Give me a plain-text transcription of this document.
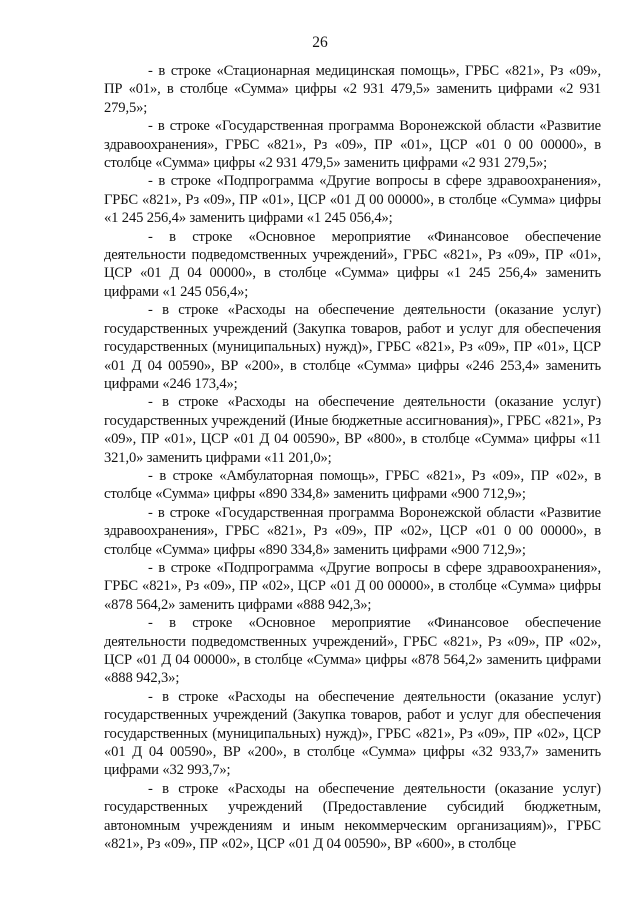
26

- в строке «Стационарная медицинская помощь», ГРБС «821», Рз «09», ПР «01», в столбце «Сумма» цифры «2 931 479,5» заменить цифрами «2 931 279,5»;

- в строке «Государственная программа Воронежской области «Развитие здравоохранения», ГРБС «821», Рз «09», ПР «01», ЦСР «01 0 00 00000», в столбце «Сумма» цифры «2 931 479,5» заменить цифрами «2 931 279,5»;

- в строке «Подпрограмма «Другие вопросы в сфере здравоохранения», ГРБС «821», Рз «09», ПР «01», ЦСР «01 Д 00 00000», в столбце «Сумма» цифры «1 245 256,4» заменить цифрами «1 245 056,4»;

- в строке «Основное мероприятие «Финансовое обеспечение деятельности подведомственных учреждений», ГРБС «821», Рз «09», ПР «01», ЦСР «01 Д 04 00000», в столбце «Сумма» цифры «1 245 256,4» заменить цифрами «1 245 056,4»;

- в строке «Расходы на обеспечение деятельности (оказание услуг) государственных учреждений (Закупка товаров, работ и услуг для обеспечения государственных (муниципальных) нужд)», ГРБС «821», Рз «09», ПР «01», ЦСР «01 Д 04 00590», ВР «200», в столбце «Сумма» цифры «246 253,4» заменить цифрами «246 173,4»;

- в строке «Расходы на обеспечение деятельности (оказание услуг) государственных учреждений (Иные бюджетные ассигнования)», ГРБС «821», Рз «09», ПР «01», ЦСР «01 Д 04 00590», ВР «800», в столбце «Сумма» цифры «11 321,0» заменить цифрами «11 201,0»;

- в строке «Амбулаторная помощь», ГРБС «821», Рз «09», ПР «02», в столбце «Сумма» цифры «890 334,8» заменить цифрами «900 712,9»;

- в строке «Государственная программа Воронежской области «Развитие здравоохранения», ГРБС «821», Рз «09», ПР «02», ЦСР «01 0 00 00000», в столбце «Сумма» цифры «890 334,8» заменить цифрами «900 712,9»;

- в строке «Подпрограмма «Другие вопросы в сфере здравоохранения», ГРБС «821», Рз «09», ПР «02», ЦСР «01 Д 00 00000», в столбце «Сумма» цифры «878 564,2» заменить цифрами «888 942,3»;

- в строке «Основное мероприятие «Финансовое обеспечение деятельности подведомственных учреждений», ГРБС «821», Рз «09», ПР «02», ЦСР «01 Д 04 00000», в столбце «Сумма» цифры «878 564,2» заменить цифрами «888 942,3»;

- в строке «Расходы на обеспечение деятельности (оказание услуг) государственных учреждений (Закупка товаров, работ и услуг для обеспечения государственных (муниципальных) нужд)», ГРБС «821», Рз «09», ПР «02», ЦСР «01 Д 04 00590», ВР «200», в столбце «Сумма» цифры «32 933,7» заменить цифрами «32 993,7»;

- в строке «Расходы на обеспечение деятельности (оказание услуг) государственных учреждений (Предоставление субсидий бюджетным, автономным учреждениям и иным некоммерческим организациям)», ГРБС «821», Рз «09», ПР «02», ЦСР «01 Д 04 00590», ВР «600», в столбце
